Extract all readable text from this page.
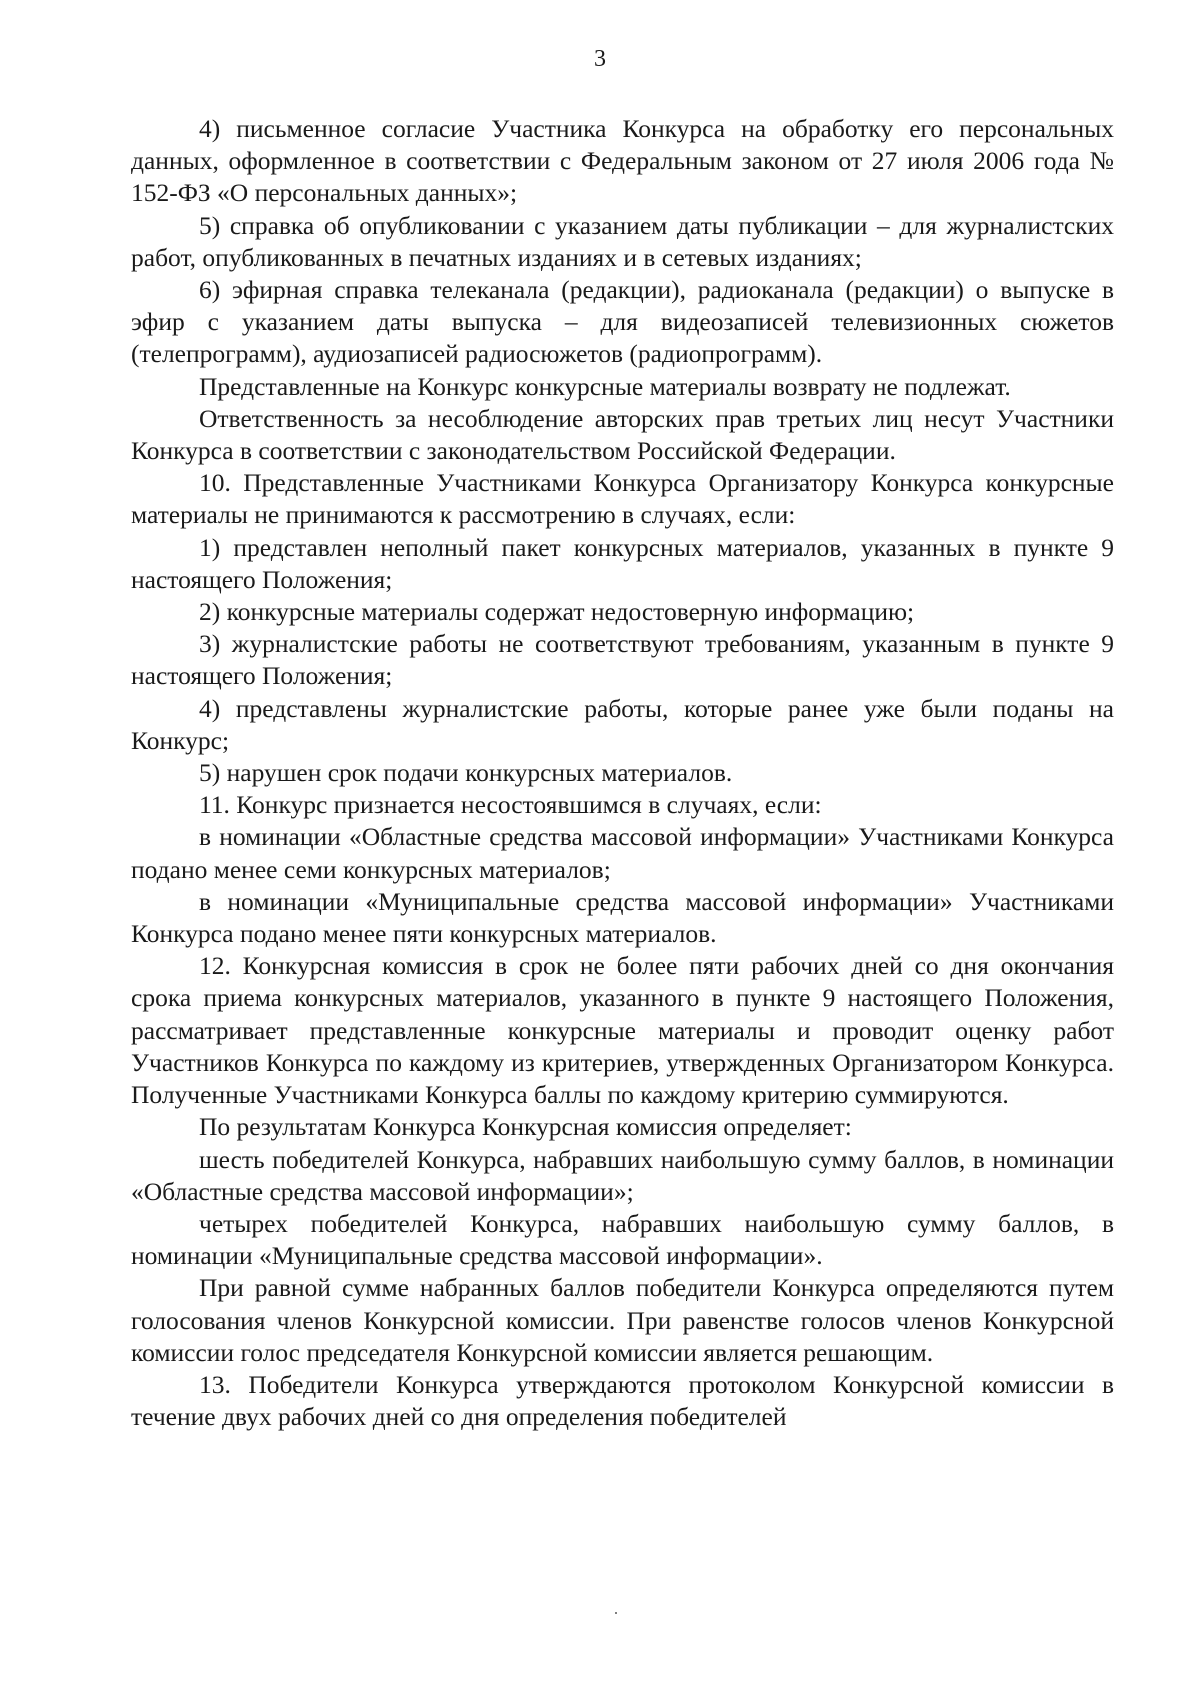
3

4) письменное согласие Участника Конкурса на обработку его персональных данных, оформленное в соответствии с Федеральным законом от 27 июля 2006 года № 152-ФЗ «О персональных данных»;

5) справка об опубликовании с указанием даты публикации – для журналистских работ, опубликованных в печатных изданиях и в сетевых изданиях;

6) эфирная справка телеканала (редакции), радиоканала (редакции) о выпуске в эфир с указанием даты выпуска – для видеозаписей телевизионных сюжетов (телепрограмм), аудиозаписей радиосюжетов (радиопрограмм).

Представленные на Конкурс конкурсные материалы возврату не подлежат.

Ответственность за несоблюдение авторских прав третьих лиц несут Участники Конкурса в соответствии с законодательством Российской Федерации.

10. Представленные Участниками Конкурса Организатору Конкурса конкурсные материалы не принимаются к рассмотрению в случаях, если:

1) представлен неполный пакет конкурсных материалов, указанных в пункте 9 настоящего Положения;

2) конкурсные материалы содержат недостоверную информацию;

3) журналистские работы не соответствуют требованиям, указанным в пункте 9 настоящего Положения;

4) представлены журналистские работы, которые ранее уже были поданы на Конкурс;

5) нарушен срок подачи конкурсных материалов.

11. Конкурс признается несостоявшимся в случаях, если:

в номинации «Областные средства массовой информации» Участниками Конкурса подано менее семи конкурсных материалов;

в номинации «Муниципальные средства массовой информации» Участниками Конкурса подано менее пяти конкурсных материалов.

12. Конкурсная комиссия в срок не более пяти рабочих дней со дня окончания срока приема конкурсных материалов, указанного в пункте 9 настоящего Положения, рассматривает представленные конкурсные материалы и проводит оценку работ Участников Конкурса по каждому из критериев, утвержденных Организатором Конкурса. Полученные Участниками Конкурса баллы по каждому критерию суммируются.

По результатам Конкурса Конкурсная комиссия определяет:

шесть победителей Конкурса, набравших наибольшую сумму баллов, в номинации «Областные средства массовой информации»;

четырех победителей Конкурса, набравших наибольшую сумму баллов, в номинации «Муниципальные средства массовой информации».

При равной сумме набранных баллов победители Конкурса определяются путем голосования членов Конкурсной комиссии. При равенстве голосов членов Конкурсной комиссии голос председателя Конкурсной комиссии является решающим.

13. Победители Конкурса утверждаются протоколом Конкурсной комиссии в течение двух рабочих дней со дня определения победителей
